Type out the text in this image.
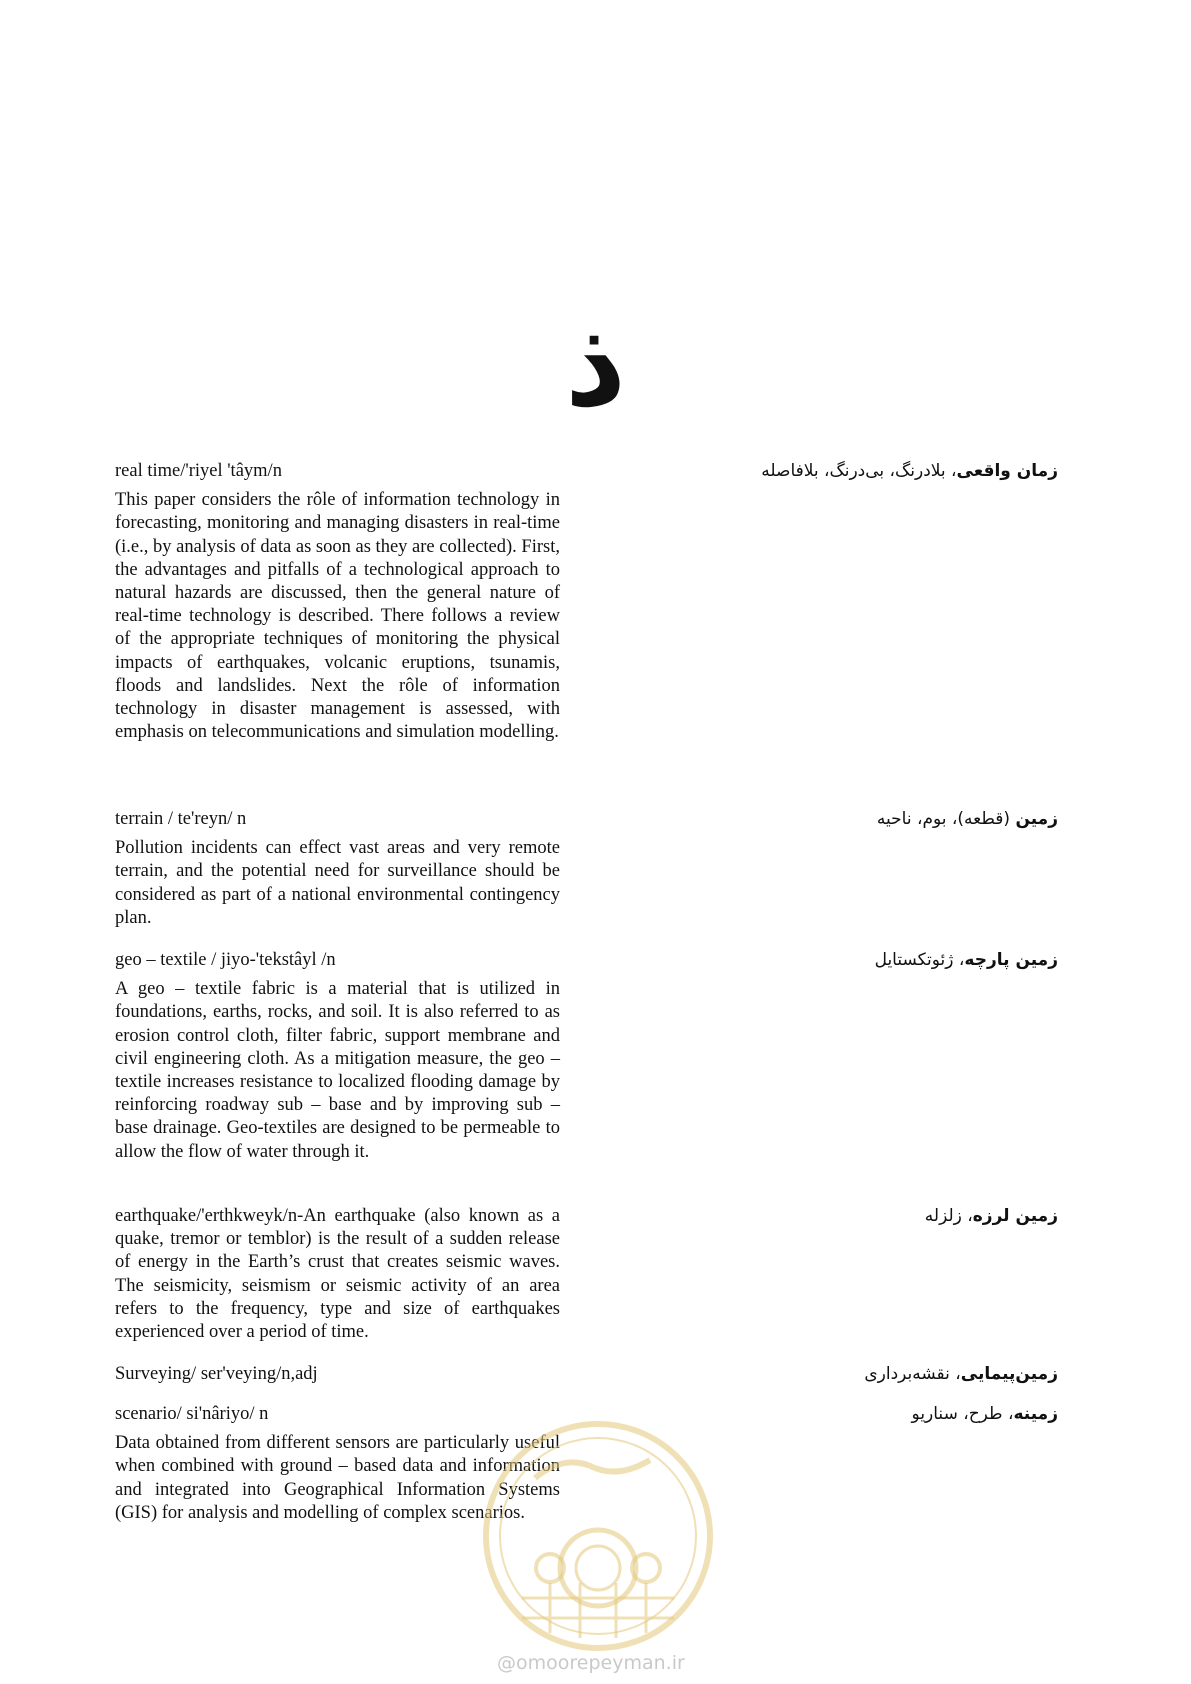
ذ
real time/'riyel 'tâym/n
This paper considers the rôle of information technology in forecasting, monitoring and managing disasters in real-time (i.e., by analysis of data as soon as they are collected). First, the advantages and pitfalls of a technological approach to natural hazards are discussed, then the general nature of real-time technology is described. There follows a review of the appropriate techniques of monitoring the physical impacts of earthquakes, volcanic eruptions, tsunamis, floods and landslides. Next the rôle of information technology in disaster management is assessed, with emphasis on telecommunications and simulation modelling.
زمان واقعی، بلادرنگ، بی‌درنگ، بلافاصله
terrain / te'reyn/ n
Pollution incidents can effect vast areas and very remote terrain, and the potential need for surveillance should be considered as part of a national environmental contingency plan.
زمین (قطعه)، بوم، ناحیه
geo – textile / jiyo-'tekstâyl /n
A geo – textile fabric is a material that is utilized in foundations, earths, rocks, and soil. It is also referred to as erosion control cloth, filter fabric, support membrane and civil engineering cloth. As a mitigation measure, the geo – textile increases resistance to localized flooding damage by reinforcing roadway sub – base and by improving sub – base drainage. Geo-textiles are designed to be permeable to allow the flow of water through it.
زمین پارچه، ژئوتکستایل
earthquake/'erthkweyk/n-An earthquake (also known as a quake, tremor or temblor) is the result of a sudden release of energy in the Earth’s crust that creates seismic waves. The seismicity, seismism or seismic activity of an area refers to the frequency, type and size of earthquakes experienced over a period of time.
زمین لرزه، زلزله
Surveying/ ser'veying/n,adj	زمین‌پیمایی، نقشه‌برداری
scenario/ si'nâriyo/ n
Data obtained from different sensors are particularly useful when combined with ground – based data and information and integrated into Geographical Information Systems (GIS) for analysis and modelling of complex scenarios.
زمینه، طرح، سناریو
@omoorepeyman.ir
